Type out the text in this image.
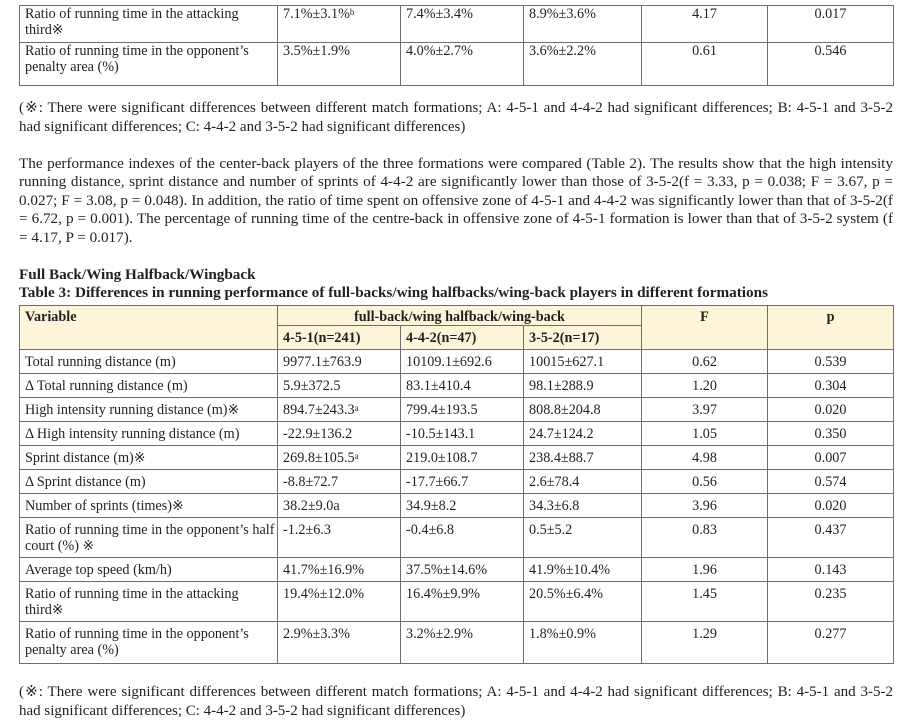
Ratio of running time in the attacking third※	7.1%±3.1%$^b$	7.4%±3.4%	8.9%±3.6%	4.17	0.017
Ratio of running time in the opponent’s penalty area (%)	3.5%±1.9%	4.0%±2.7%	3.6%±2.2%	0.61	0.546
(※: There were significant differences between different match formations; A: 4-5-1 and 4-4-2 had significant differences; B: 4-5-1 and 3-5-2 had significant differences; C: 4-4-2 and 3-5-2 had significant differences)
The performance indexes of the center-back players of the three formations were compared (Table 2). The results show that the high intensity running distance, sprint distance and number of sprints of 4-4-2 are significantly lower than those of 3-5-2(f = 3.33, p = 0.038; F = 3.67, p = 0.027; F = 3.08, p = 0.048). In addition, the ratio of time spent on offensive zone of 4-5-1 and 4-4-2 was significantly lower than that of 3-5-2(f = 6.72, p = 0.001). The percentage of running time of the centre-back in offensive zone of 4-5-1 formation is lower than that of 3-5-2 system (f = 4.17, P = 0.017).
Full Back/Wing Halfback/Wingback
Table 3: Differences in running performance of full-backs/wing halfbacks/wing-back players in different formations
Variable	full-back/wing halfback/wing-back			F	p
	4-5-1(n=241)	4-4-2(n=47)	3-5-2(n=17)		
Total running distance (m)	9977.1±763.9	10109.1±692.6	10015±627.1	0.62	0.539
Δ Total running distance (m)	5.9±372.5	83.1±410.4	98.1±288.9	1.20	0.304
High intensity running distance (m)※	894.7±243.3$^a$	799.4±193.5	808.8±204.8	3.97	0.020
Δ High intensity running distance (m)	-22.9±136.2	-10.5±143.1	24.7±124.2	1.05	0.350
Sprint distance (m)※	269.8±105.5$^a$	219.0±108.7	238.4±88.7	4.98	0.007
Δ Sprint distance (m)	-8.8±72.7	-17.7±66.7	2.6±78.4	0.56	0.574
Number of sprints (times)※	38.2±9.0a	34.9±8.2	34.3±6.8	3.96	0.020
Ratio of running time in the opponent’s half court (%) ※	-1.2±6.3	-0.4±6.8	0.5±5.2	0.83	0.437
Average top speed (km/h)	41.7%±16.9%	37.5%±14.6%	41.9%±10.4%	1.96	0.143
Ratio of running time in the attacking third※	19.4%±12.0%	16.4%±9.9%	20.5%±6.4%	1.45	0.235
Ratio of running time in the opponent’s penalty area (%)	2.9%±3.3%	3.2%±2.9%	1.8%±0.9%	1.29	0.277
(※: There were significant differences between different match formations; A: 4-5-1 and 4-4-2 had significant differences; B: 4-5-1 and 3-5-2 had significant differences; C: 4-4-2 and 3-5-2 had significant differences)
